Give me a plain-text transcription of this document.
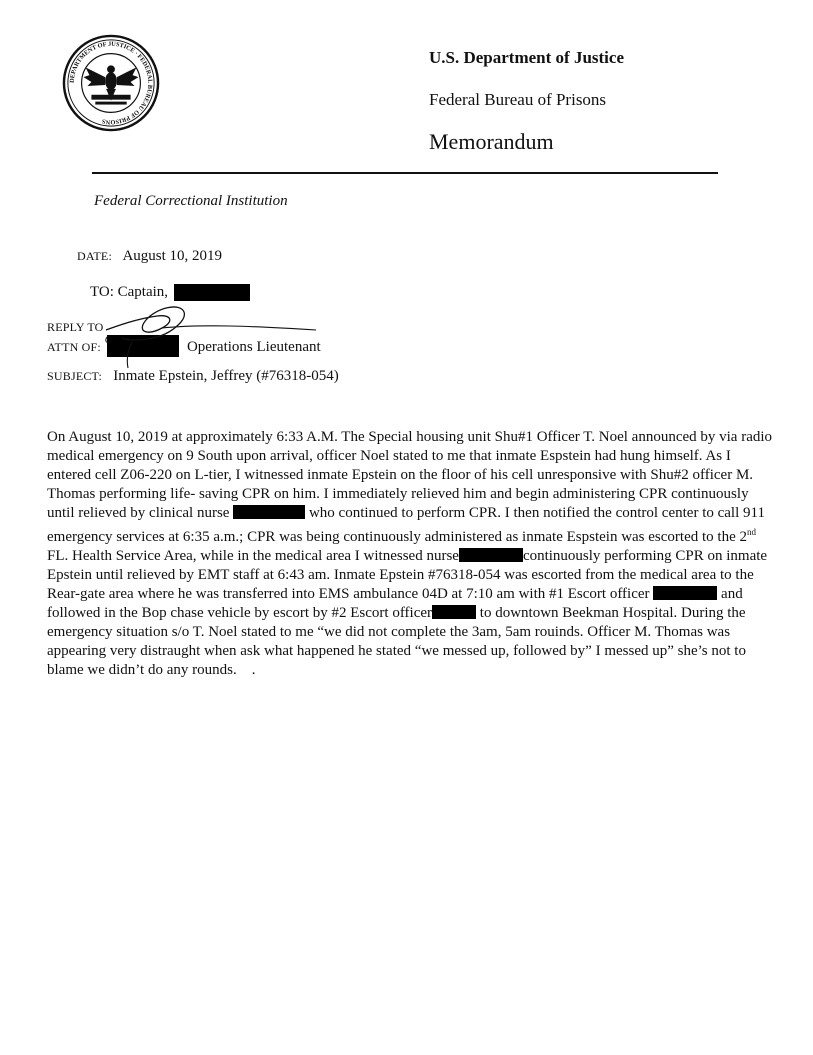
DEPARTMENT OF JUSTICE · FEDERAL BUREAU OF PRISONS
U.S. Department of Justice
Federal Bureau of Prisons
Memorandum
Federal Correctional Institution
DATE: August 10, 2019
TO: Captain,
REPLY TO
ATTN OF:	Operations Lieutenant
SUBJECT: Inmate Epstein, Jeffrey (#76318-054)
On August 10, 2019 at approximately 6:33 A.M. The Special housing unit Shu#1 Officer T. Noel announced by via radio medical emergency on 9 South upon arrival, officer Noel stated to me that inmate Espstein had hung himself. As I entered cell Z06-220 on L-tier, I witnessed inmate Epstein on the floor of his cell unresponsive with Shu#2 officer M. Thomas performing life- saving CPR on him. I immediately relieved him and begin administering CPR continuously until relieved by clinical nurse	who continued to perform CPR. I then notified the control center to call 911 emergency services at 6:35 a.m.; CPR was being continuously administered as inmate Espstein was escorted to the 2nd FL. Health Service Area, while in the medical area I witnessed nurse	continuously performing CPR on inmate Epstein until relieved by EMT staff at 6:43 am. Inmate Epstein #76318-054 was escorted from the medical area to the Rear-gate area where he was transferred into EMS ambulance 04D at 7:10 am with #1 Escort officer	and followed in the Bop chase vehicle by escort by #2 Escort officer	to downtown Beekman Hospital. During the emergency situation s/o T. Noel stated to me “we did not complete the 3am, 5am rouinds. Officer M. Thomas was appearing very distraught when ask what happened he stated “we messed up, followed by” I messed up” she’s not to blame we didn’t do any rounds. .
